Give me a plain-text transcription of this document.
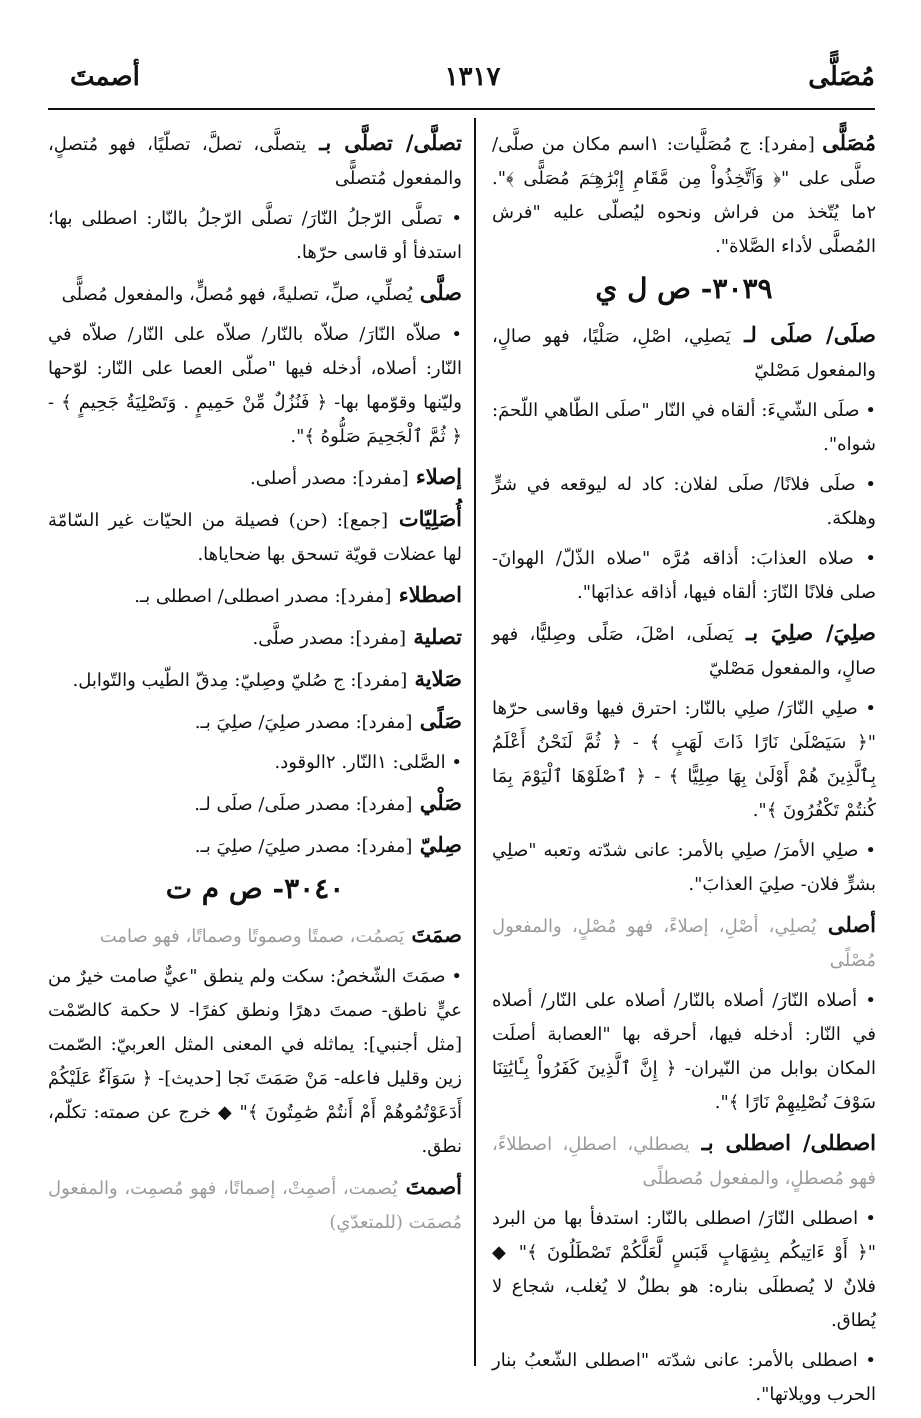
مُصَلًّى
١٣١٧
أصمتَ

مُصَلًّى [مفرد]: ج مُصَلَّيات: ١اسم مكان من صلَّى/ صلَّى على "﴿ وَٱتَّخِذُواْ مِن مَّقَامِ إِبْرَٰهِـۧمَ مُصَلًّى ﴾". ٢ما يُتّخذ من فراش ونحوه ليُصلّى عليه "فرش المُصلَّى لأداء الصَّلاة".

٣٠٣٩- ص ل ي

صلَى/ صلَى لـ يَصلِي، اصْلِ، صَلْيًا، فهو صالٍ، والمفعول مَصْليّ

• صلَى الشّيءَ: ألقاه في النّار "صلَى الطّاهي اللّحمَ: شواه".

• صلَى فلانًا/ صلَى لفلان: كاد له ليوقعه في شرٍّ وهلكة.

• صلاه العذابَ: أذاقه مُرَّه "صلاه الذّلّ/ الهوانَ- صلى فلانًا النّارَ: ألقاه فيها، أذاقه عذابَها".

صلِيَ/ صلِيَ بـ يَصلَى، اصْلَ، صَلًى وصِليًّا، فهو صالٍ، والمفعول مَصْليّ

• صلِي النّارَ/ صلِي بالنّار: احترق فيها وقاسى حرّها "﴿ سَيَصْلَىٰ نَارًا ذَاتَ لَهَبٍ ﴾ - ﴿ ثُمَّ لَنَحْنُ أَعْلَمُ بِٱلَّذِينَ هُمْ أَوْلَىٰ بِهَا صِلِيًّا ﴾ - ﴿ ٱصْلَوْهَا ٱلْيَوْمَ بِمَا كُنتُمْ تَكْفُرُونَ ﴾".

• صلِي الأمرَ/ صلِي بالأمر: عانى شدّته وتعبه "صلِي بشرٍّ فلان- صلِيَ العذابَ".

أصلى يُصلِي، أصْلِ، إصلاءً، فهو مُصْلٍ، والمفعول مُصْلًى

• أصلاه النّارَ/ أصلاه بالنّار/ أصلاه على النّار/ أصلاه في النّار: أدخله فيها، أحرقه بها "العصابة أصلَت المكان بوابل من النّيران- ﴿ إِنَّ ٱلَّذِينَ كَفَرُواْ بِـَٔايَٰتِنَا سَوْفَ نُصْلِيهِمْ نَارًا ﴾".

اصطلى/ اصطلى بـ يصطلي، اصطلِ، اصطلاءً، فهو مُصطلٍ، والمفعول مُصطلًى

• اصطلى النّارَ/ اصطلى بالنّار: استدفأ بها من البرد "﴿ أَوْ ءَاتِيكُم بِشِهَابٍ قَبَسٍ لَّعَلَّكُمْ تَصْطَلُونَ ﴾" ◆ فلانٌ لا يُصطلَى بناره: هو بطلٌ لا يُغلب، شجاع لا يُطاق.

• اصطلى بالأمر: عانى شدّته "اصطلى الشّعبُ بنار الحرب وويلاتها".

تصلَّى/ تصلَّى بـ يتصلَّى، تصلَّ، تصلّيًا، فهو مُتصلٍ، والمفعول مُتصلًّى

• تصلَّى الرّجلُ النّارَ/ تصلَّى الرّجلُ بالنّار: اصطلى بها؛ استدفأ أو قاسى حرّها.

صلَّى يُصلِّي، صلِّ، تصليةً، فهو مُصلٍّ، والمفعول مُصلًّى

• صلاّه النّارَ/ صلاّه بالنّار/ صلاّه على النّار/ صلاّه في النّار: أصلاه، أدخله فيها "صلّى العصا على النّار: لوّحها وليّنها وقوّمها بها- ﴿ فَنُزُلٌ مِّنْ حَمِيمٍ . وَتَصْلِيَةُ جَحِيمٍ ﴾ - ﴿ ثُمَّ ٱلْجَحِيمَ صَلُّوهُ ﴾".

إصلاء [مفرد]: مصدر أصلى.

أُصَلِيّات [جمع]: (حن) فصيلة من الحيّات غير السّامّة لها عضلات قويّة تسحق بها ضحاياها.

اصطلاء [مفرد]: مصدر اصطلى/ اصطلى بـ.

تصلية [مفرد]: مصدر صلَّى.

صَلاية [مفرد]: ج صُليّ وصِليّ: مِدقّ الطّيب والتّوابل.

صَلًى [مفرد]: مصدر صلِيَ/ صلِيَ بـ.

• الصَّلى: ١النّار. ٢الوقود.

صَلْي [مفرد]: مصدر صلَى/ صلَى لـ.

صِليّ [مفرد]: مصدر صلِيَ/ صلِيَ بـ.

٣٠٤٠- ص م ت

صمَتَ يَصمُت، صمتًا وصموتًا وصماتًا، فهو صامت

• صمَتَ الشّخصُ: سكت ولم ينطق "عيٌّ صامت خيرٌ من عيٍّ ناطق- صمتَ دهرًا ونطق كفرًا- لا حكمة كالصّمْت [مثل أجنبي]: يماثله في المعنى المثل العربيّ: الصّمت زين وقليل فاعله- مَنْ صَمَتَ نَجا [حديث]- ﴿ سَوَآءٌ عَلَيْكُمْ أَدَعَوْتُمُوهُمْ أَمْ أَنتُمْ صَٰمِتُونَ ﴾" ◆ خرج عن صمته: تكلّم، نطق.

أصمتَ يُصمت، أصمِتْ، إصماتًا، فهو مُصمِت، والمفعول مُصمَت (للمتعدّي)
